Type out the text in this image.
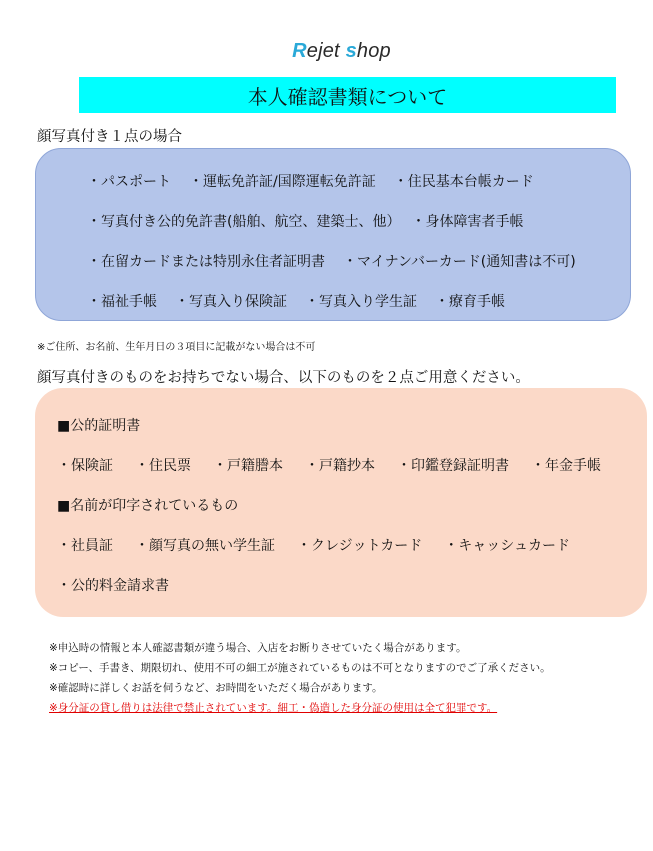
Rejet shop
本人確認書類について
顔写真付き１点の場合
・パスポート ・運転免許証/国際運転免許証 ・住民基本台帳カード
・写真付き公的免許書(船舶、航空、建築士、他） ・身体障害者手帳
・在留カードまたは特別永住者証明書 ・マイナンバーカード(通知書は不可)
・福祉手帳 ・写真入り保険証 ・写真入り学生証 ・療育手帳
※ご住所、お名前、生年月日の３項目に記載がない場合は不可
顔写真付きのものをお持ちでない場合、以下のものを２点ご用意ください。
■公的証明書
・保険証 ・住民票 ・戸籍謄本 ・戸籍抄本 ・印鑑登録証明書 ・年金手帳
■名前が印字されているもの
・社員証 ・顔写真の無い学生証 ・クレジットカード ・キャッシュカード
・公的料金請求書
※申込時の情報と本人確認書類が違う場合、入店をお断りさせていたく場合があります。
※コピー、手書き、期限切れ、使用不可の細工が施されているものは不可となりますのでご了承ください。
※確認時に詳しくお話を伺うなど、お時間をいただく場合があります。
※身分証の貸し借りは法律で禁止されています。細工・偽造した身分証の使用は全て犯罪です。
